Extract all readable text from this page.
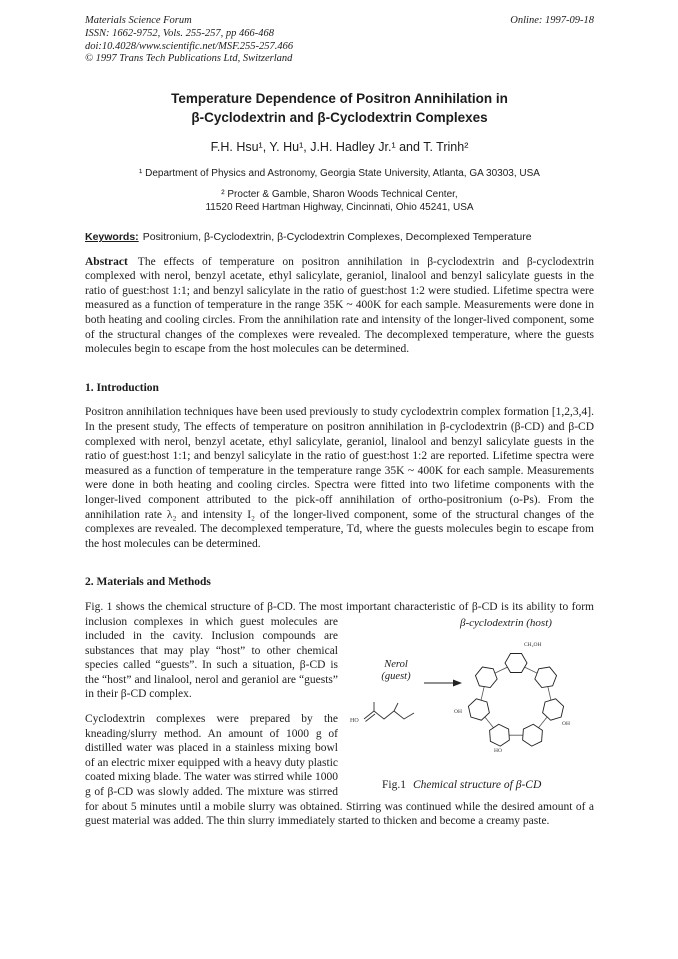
Materials Science Forum
ISSN: 1662-9752, Vols. 255-257, pp 466-468
doi:10.4028/www.scientific.net/MSF.255-257.466
© 1997 Trans Tech Publications Ltd, Switzerland
Online: 1997-09-18
Temperature Dependence of Positron Annihilation in
β-Cyclodextrin and β-Cyclodextrin Complexes
F.H. Hsu¹, Y. Hu¹, J.H. Hadley Jr.¹ and T. Trinh²
¹ Department of Physics and Astronomy, Georgia State University, Atlanta, GA 30303, USA
² Procter & Gamble, Sharon Woods Technical Center,
11520 Reed Hartman Highway, Cincinnati, Ohio 45241, USA
Keywords: Positronium, β-Cyclodextrin, β-Cyclodextrin Complexes, Decomplexed Temperature

Abstract The effects of temperature on positron annihilation in β-cyclodextrin and β-cyclodextrin complexed with nerol, benzyl acetate, ethyl salicylate, geraniol, linalool and benzyl salicylate guests in the ratio of guest:host 1:1; and benzyl salicylate in the ratio of guest:host 1:2 were studied. Lifetime spectra were measured as a function of temperature in the range 35K ~ 400K for each sample. Measurements were done in both heating and cooling circles. From the annihilation rate and intensity of the longer-lived component, some of the structural changes of the complexes were revealed. The decomplexed temperature, where the guests molecules begin to escape from the host molecules can be determined.

1. Introduction

Positron annihilation techniques have been used previously to study cyclodextrin complex formation [1,2,3,4]. In the present study, The effects of temperature on positron annihilation in β-cyclodextrin (β-CD) and β-CD complexed with nerol, benzyl acetate, ethyl salicylate, geraniol, linalool and benzyl salicylate guests in the ratio of guest:host 1:1; and benzyl salicylate in the ratio of guest:host 1:2 are reported. Lifetime spectra were measured as a function of temperature in the temperature range 35K ~ 400K for each sample. Measurements were done in both heating and cooling circles. Spectra were fitted into two lifetime components with the longer-lived component attributed to the pick-off annihilation of ortho-positronium (o-Ps). From the annihilation rate λ₂ and intensity I₂ of the longer-lived component, some of the structural changes of the complexes are revealed. The decomplexed temperature, Td, where the guests molecules begin to escape from the host molecules can be determined.

2. Materials and Methods

Fig. 1 shows the chemical structure of β-CD. The most important characteristic of β-CD is its ability to
β-cyclodextrin (host)
Nerol
(guest)
HO
CH₂OH
OH
OH
HO
Fig.1 Chemical structure of β-CD
form inclusion complexes in which guest molecules are included in the cavity. Inclusion compounds are substances that may play “host” to other chemical species called “guests”. In such a situation, β-CD is the “host” and linalool, nerol and geraniol are “guests” in their β-CD complex.

Cyclodextrin complexes were prepared by the kneading/slurry method. An amount of 1000 g of distilled water was placed in a stainless mixing bowl of an electric mixer equipped with a heavy duty plastic coated mixing blade. The water was stirred while 1000 g of β-CD was slowly added. The mixture was stirred for about 5 minutes until a mobile slurry was obtained. Stirring was continued while the desired amount of a guest material was added. The thin slurry immediately started to thicken and become a creamy paste.
